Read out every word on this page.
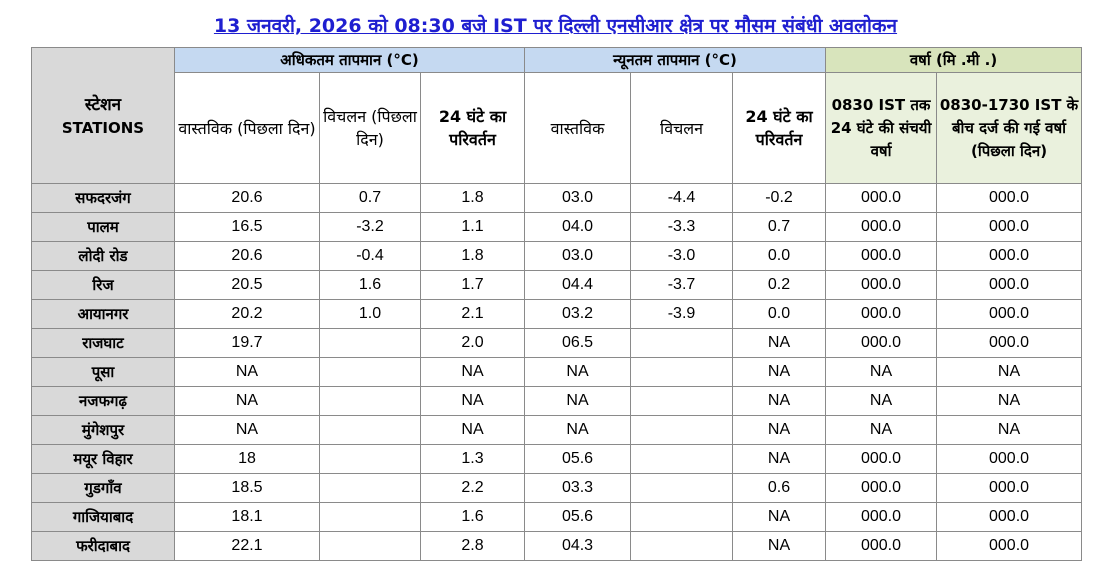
13 जनवरी, 2026 को 08:30 बजे IST पर दिल्ली एनसीआर क्षेत्र पर मौसम संबंधी अवलोकन
स्टेशन
STATIONS	अधिकतम तापमान (°C)			न्यूनतम तापमान (°C)			वर्षा (मि .मी .)	
	वास्तविक (पिछला दिन)	विचलन (पिछला दिन)	24 घंटे का परिवर्तन	वास्तविक	विचलन	24 घंटे का परिवर्तन	0830 IST तक 24 घंटे की संचयी वर्षा	0830-1730 IST के बीच दर्ज की गई वर्षा (पिछला दिन)
सफदरजंग	20.6	0.7	1.8	03.0	-4.4	-0.2	000.0	000.0
पालम	16.5	-3.2	1.1	04.0	-3.3	0.7	000.0	000.0
लोदी रोड	20.6	-0.4	1.8	03.0	-3.0	0.0	000.0	000.0
रिज	20.5	1.6	1.7	04.4	-3.7	0.2	000.0	000.0
आयानगर	20.2	1.0	2.1	03.2	-3.9	0.0	000.0	000.0
राजघाट	19.7		2.0	06.5		NA	000.0	000.0
पूसा	NA		NA	NA		NA	NA	NA
नजफगढ़	NA		NA	NA		NA	NA	NA
मुंगेशपुर	NA		NA	NA		NA	NA	NA
मयूर विहार	18		1.3	05.6		NA	000.0	000.0
गुडगाँव	18.5		2.2	03.3		0.6	000.0	000.0
गाजियाबाद	18.1		1.6	05.6		NA	000.0	000.0
फरीदाबाद	22.1		2.8	04.3		NA	000.0	000.0
